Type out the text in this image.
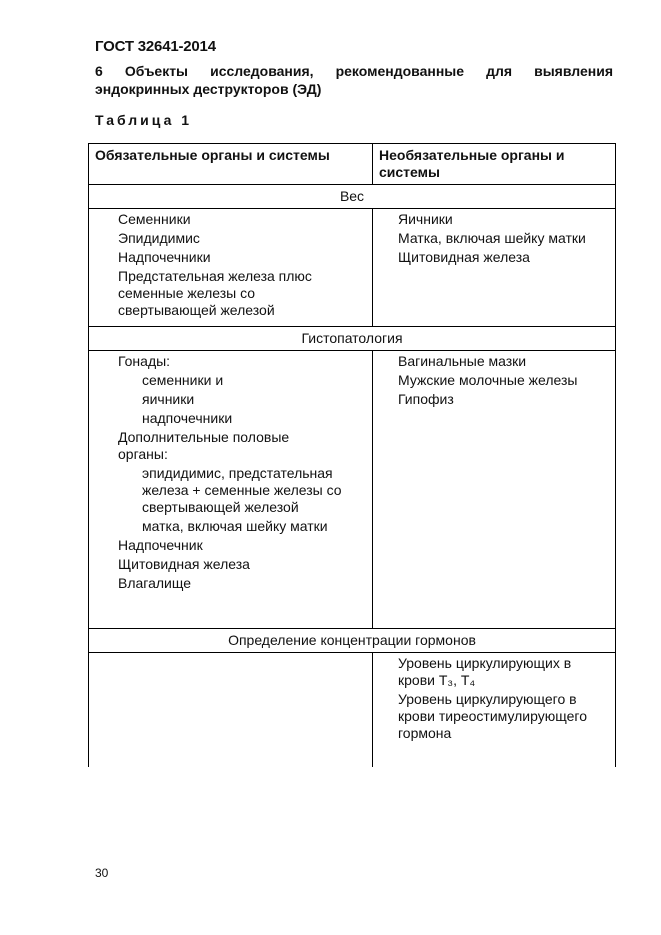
ГОСТ 32641-2014
6 Объекты исследования, рекомендованные для выявления эндокринных деструкторов (ЭД)
Таблица 1
Обязательные органы и системы	Необязательные органы и системы
Вес
Семенники
Эпидидимис
Надпочечники
Предстательная железа плюс семенные железы со свертывающей железой
Яичники
Матка, включая шейку матки
Щитовидная железа
Гистопатология
Гонады:
семенники и
яичники
надпочечники
Дополнительные половые органы:
эпидидимис, предстательная железа + семенные железы со свертывающей железой
матка, включая шейку матки
Надпочечник
Щитовидная железа
Влагалище
Вагинальные мазки
Мужские молочные железы
Гипофиз
Определение концентрации гормонов
Уровень циркулирующих в крови Т₃, Т₄
Уровень циркулирующего в крови тиреостимулирующего гормона
30
